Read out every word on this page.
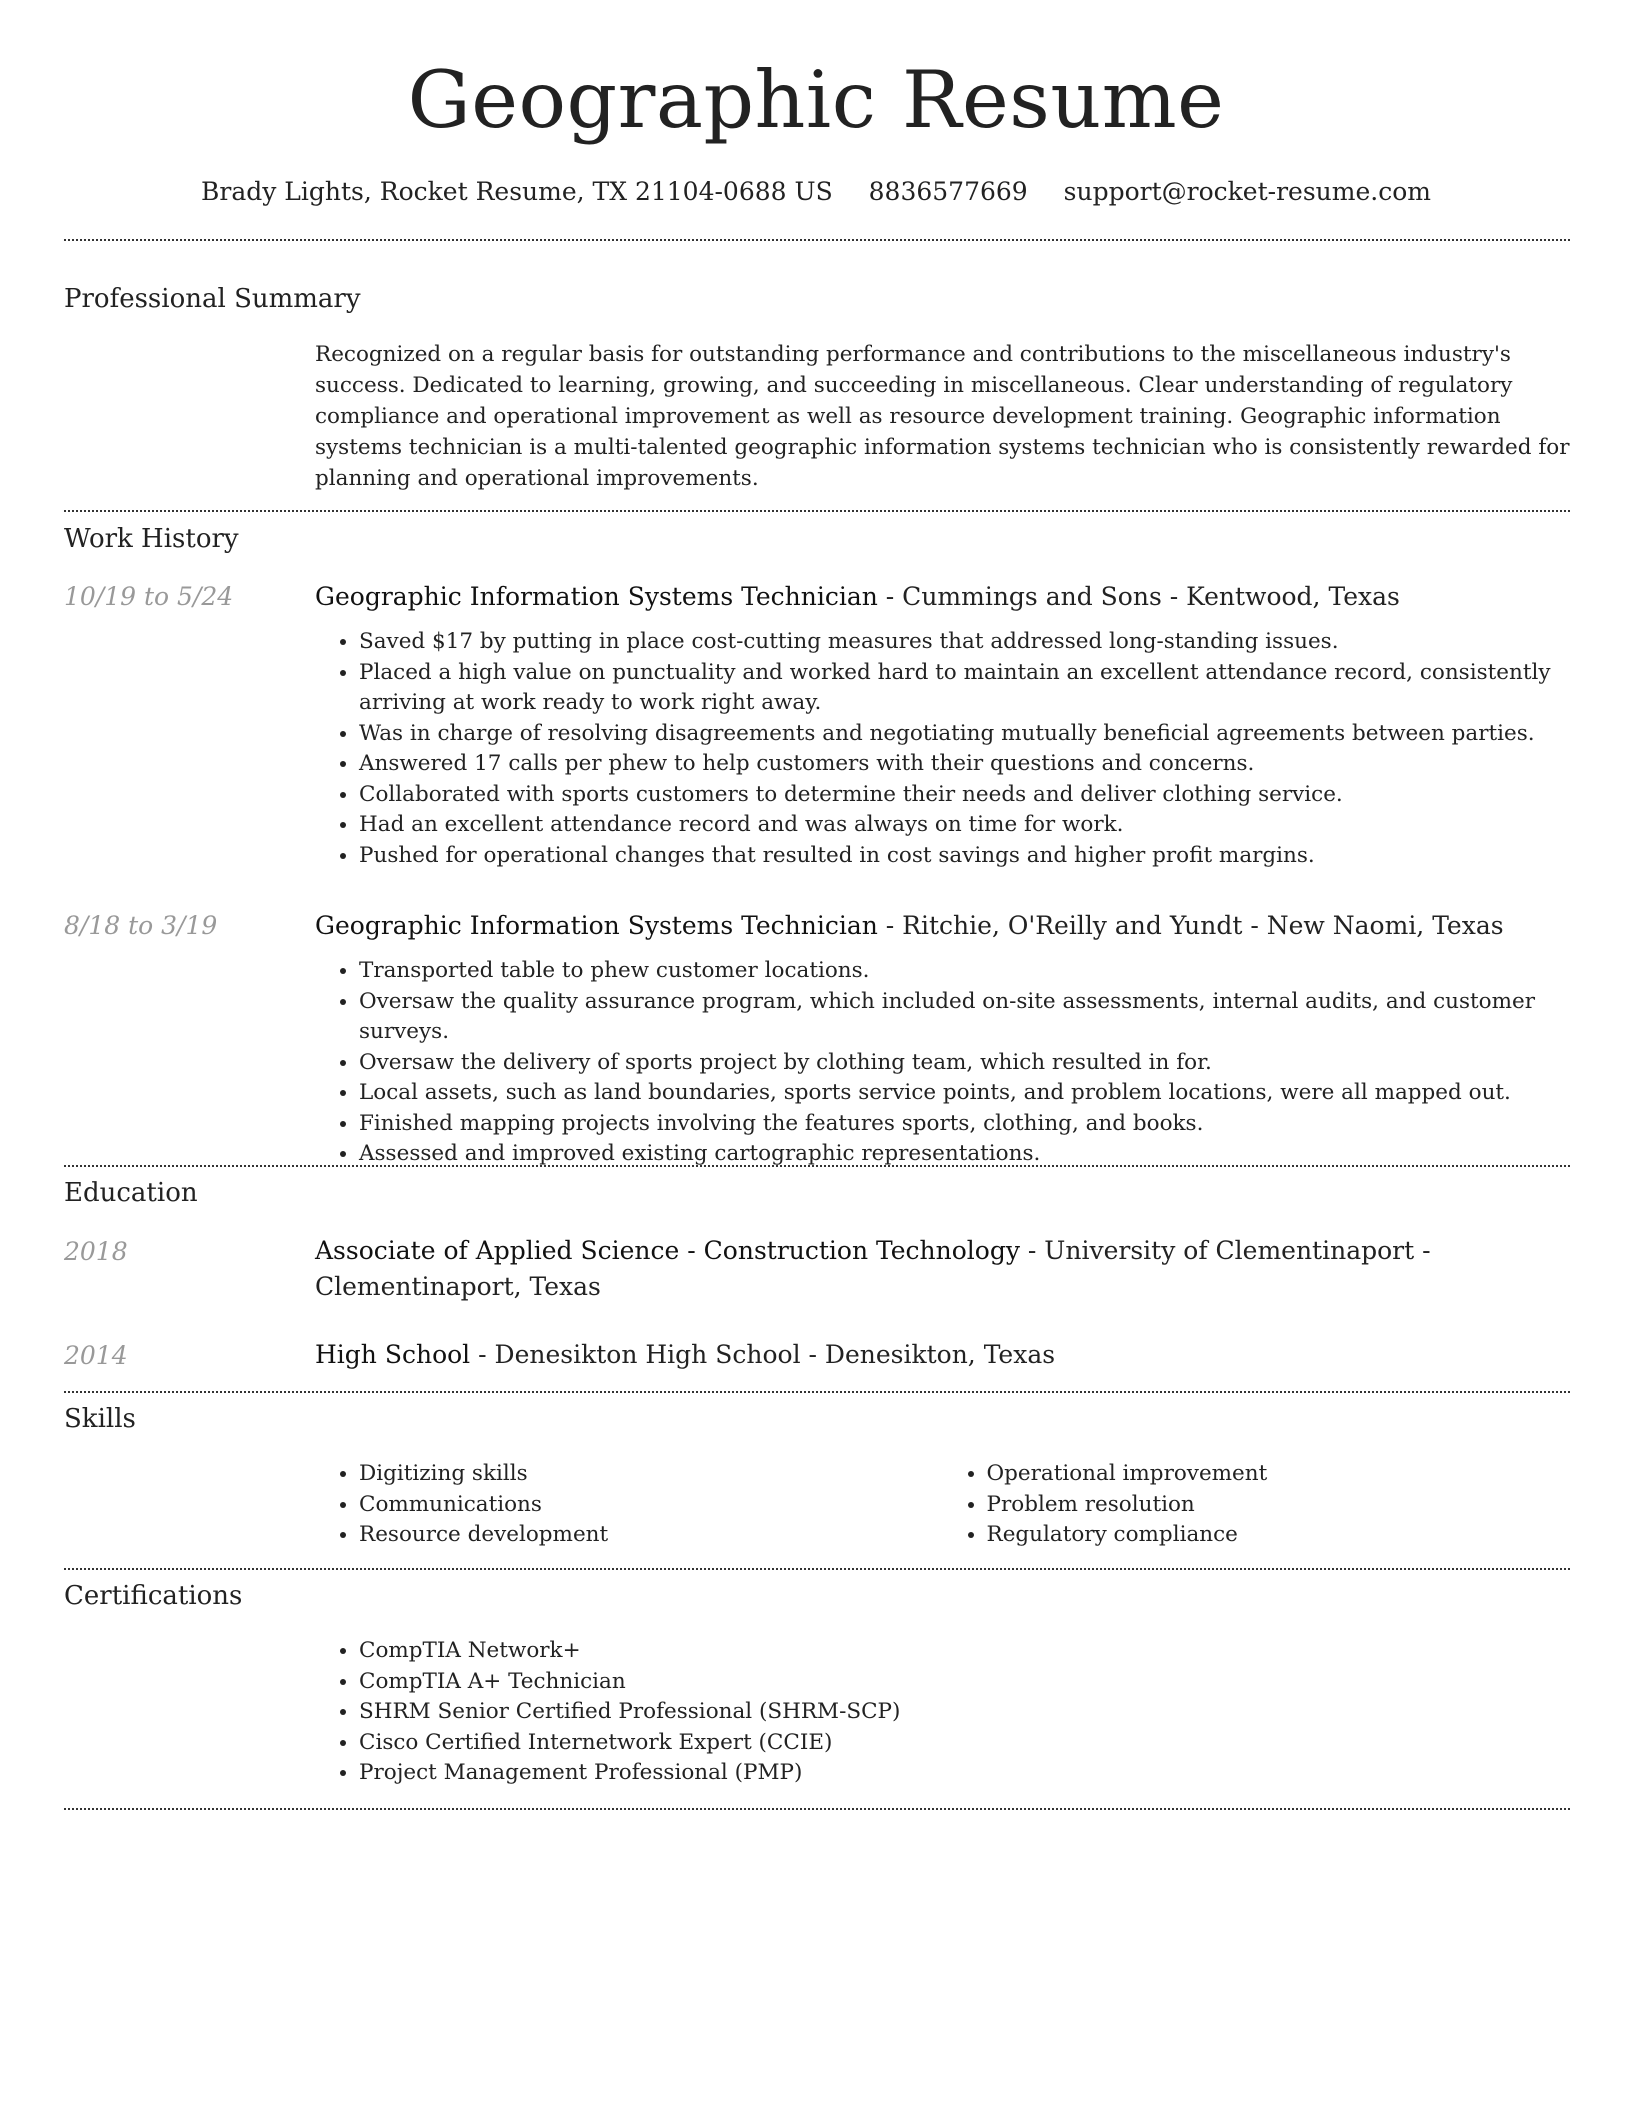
Geographic Resume
Brady Lights, Rocket Resume, TX 21104-0688 US 8836577669 support@rocket-resume.com
Professional Summary

Recognized on a regular basis for outstanding performance and contributions to the miscellaneous industry's success. Dedicated to learning, growing, and succeeding in miscellaneous. Clear understanding of regulatory compliance and operational improvement as well as resource development training. Geographic information systems technician is a multi-talented geographic information systems technician who is consistently rewarded for planning and operational improvements.

Work History
10/19 to 5/24	Geographic Information Systems Technician - Cummings and Sons - Kentwood, Texas

• Saved $17 by putting in place cost-cutting measures that addressed long-standing issues.
• Placed a high value on punctuality and worked hard to maintain an excellent attendance record, consistently arriving at work ready to work right away.
• Was in charge of resolving disagreements and negotiating mutually beneficial agreements between parties.
• Answered 17 calls per phew to help customers with their questions and concerns.
• Collaborated with sports customers to determine their needs and deliver clothing service.
• Had an excellent attendance record and was always on time for work.
• Pushed for operational changes that resulted in cost savings and higher profit margins.
8/18 to 3/19	Geographic Information Systems Technician - Ritchie, O'Reilly and Yundt - New Naomi, Texas

• Transported table to phew customer locations.
• Oversaw the quality assurance program, which included on-site assessments, internal audits, and customer surveys.
• Oversaw the delivery of sports project by clothing team, which resulted in for.
• Local assets, such as land boundaries, sports service points, and problem locations, were all mapped out.
• Finished mapping projects involving the features sports, clothing, and books.
• Assessed and improved existing cartographic representations.
Education
2018	Associate of Applied Science - Construction Technology - University of Clementinaport - Clementinaport, Texas

2014	High School - Denesikton High School - Denesikton, Texas

Skills
• Digitizing skills
• Communications
• Resource development
• Operational improvement
• Problem resolution
• Regulatory compliance
Certifications
• CompTIA Network+
• CompTIA A+ Technician
• SHRM Senior Certified Professional (SHRM-SCP)
• Cisco Certified Internetwork Expert (CCIE)
• Project Management Professional (PMP)
